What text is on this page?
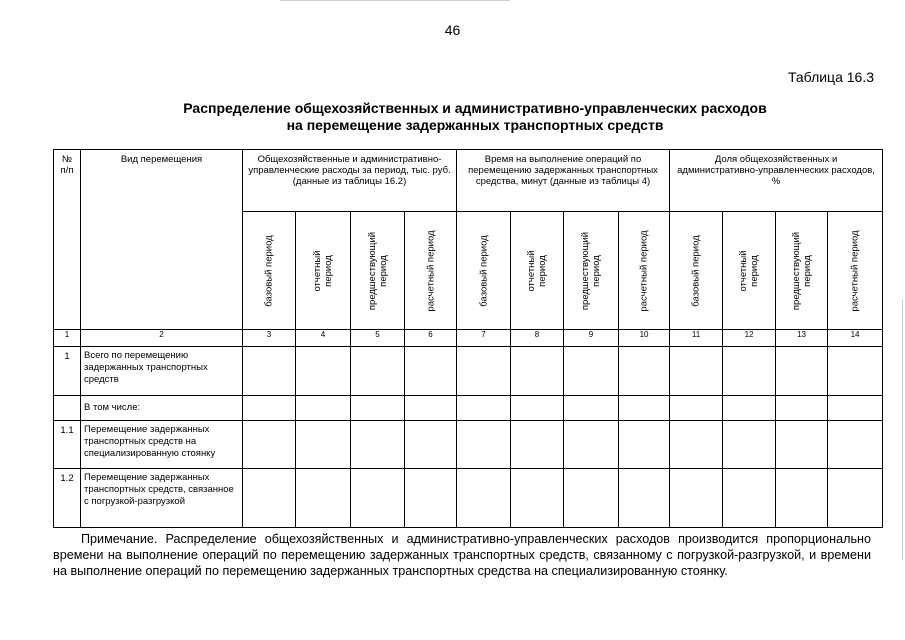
46
Таблица 16.3
Распределение общехозяйственных и административно-управленческих расходов
на перемещение задержанных транспортных средств
№ п/п	Вид перемещения	Общехозяйственные и административно-управленческие расходы за период, тыс. руб. (данные из таблицы 16.2)				Время на выполнение операций по перемещению задержанных транспортных средства, минут (данные из таблицы 4)				Доля общехозяйственных и административно-управленческих расходов, %			

		базовый период	отчетный период	предшествующий период	расчетный период	базовый период	отчетный период	предшествующий период	расчетный период	базовый период	отчетный период	предшествующий период	расчетный период

1	2	3	4	5	6	7	8	9	10	11	12	13	14
1	Всего по перемещению задержанных транспортных средств												
	В том числе:												
1.1	Перемещение задержанных транспортных средств на специализированную стоянку												
1.2	Перемещение задержанных транспортных средств, связанное с погрузкой-разгрузкой												
Примечание. Распределение общехозяйственных и административно-управленческих расходов производится пропорционально времени на выполнение операций по перемещению задержанных транспортных средств, связанному с погрузкой-разгрузкой, и времени на выполнение операций по перемещению задержанных транспортных средства на специализированную стоянку.
